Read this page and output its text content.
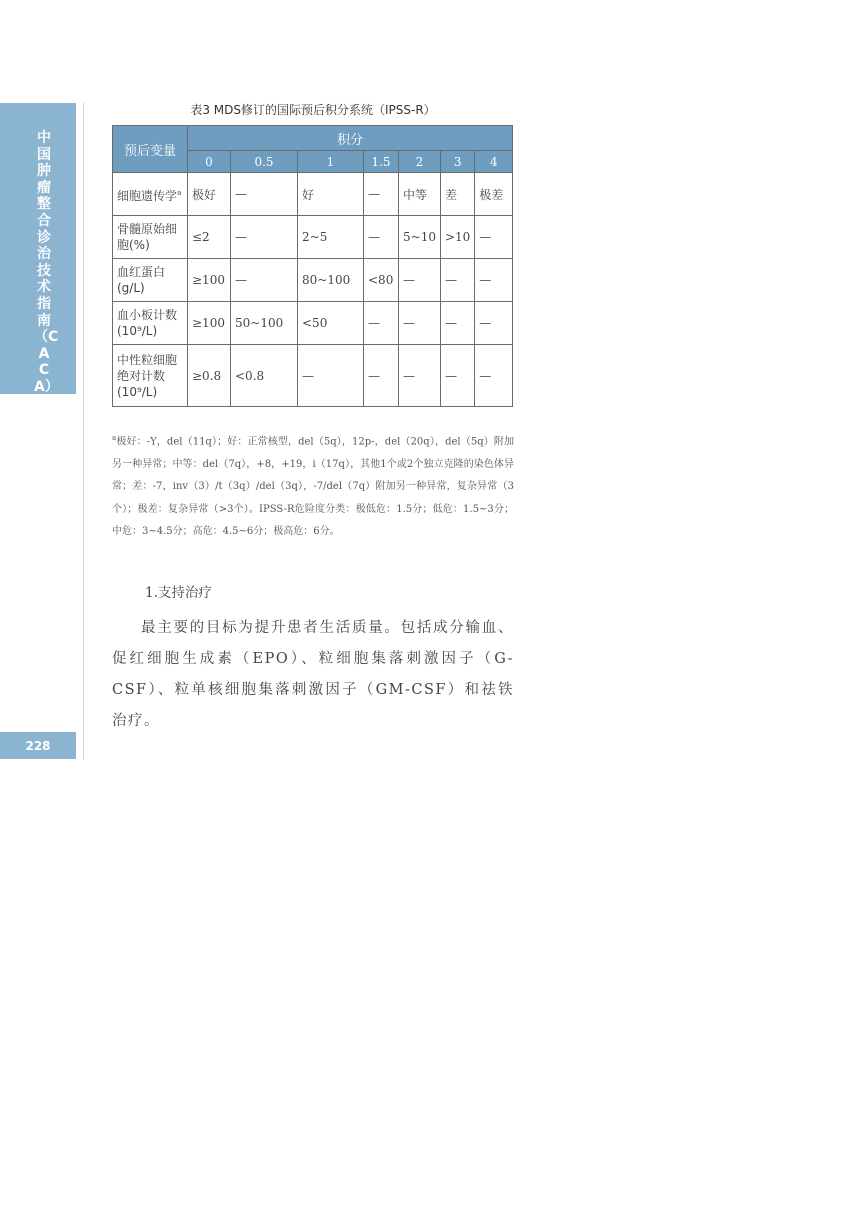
中国肿瘤整合诊治技术指南（CACA）
228
表3 MDS修订的国际预后积分系统（IPSS-R）
预后变量	积分						
	0	0.5	1	1.5	2	3	4
细胞遗传学$^a$	极好	—	好	—	中等	差	极差
骨髓原始细胞(%)	≤2	—	2~5	—	5~10	>10	—
血红蛋白(g/L)	≥100	—	80~100	<80	—	—	—
血小板计数(10⁹/L)	≥100	50~100	<50	—	—	—	—
中性粒细胞绝对计数(10⁹/L)	≥0.8	<0.8	—	—	—	—	—
$^a$极好：-Y，del（11q）；好：正常核型，del（5q），12p-，del（20q），del（5q）附加另一种异常；中等：del（7q），+8，+19，i（17q），其他1个或2个独立克隆的染色体异常；差：-7，inv（3）/t（3q）/del（3q），-7/del（7q）附加另一种异常，复杂异常（3个）；极差：复杂异常（>3个）。IPSS-R危险度分类：极低危：1.5分；低危：1.5~3分；中危：3~4.5分；高危：4.5~6分；极高危：6分。
1.支持治疗
最主要的目标为提升患者生活质量。包括成分输血、促红细胞生成素（EPO）、粒细胞集落刺激因子（G-CSF）、粒单核细胞集落刺激因子（GM-CSF）和祛铁治疗。
